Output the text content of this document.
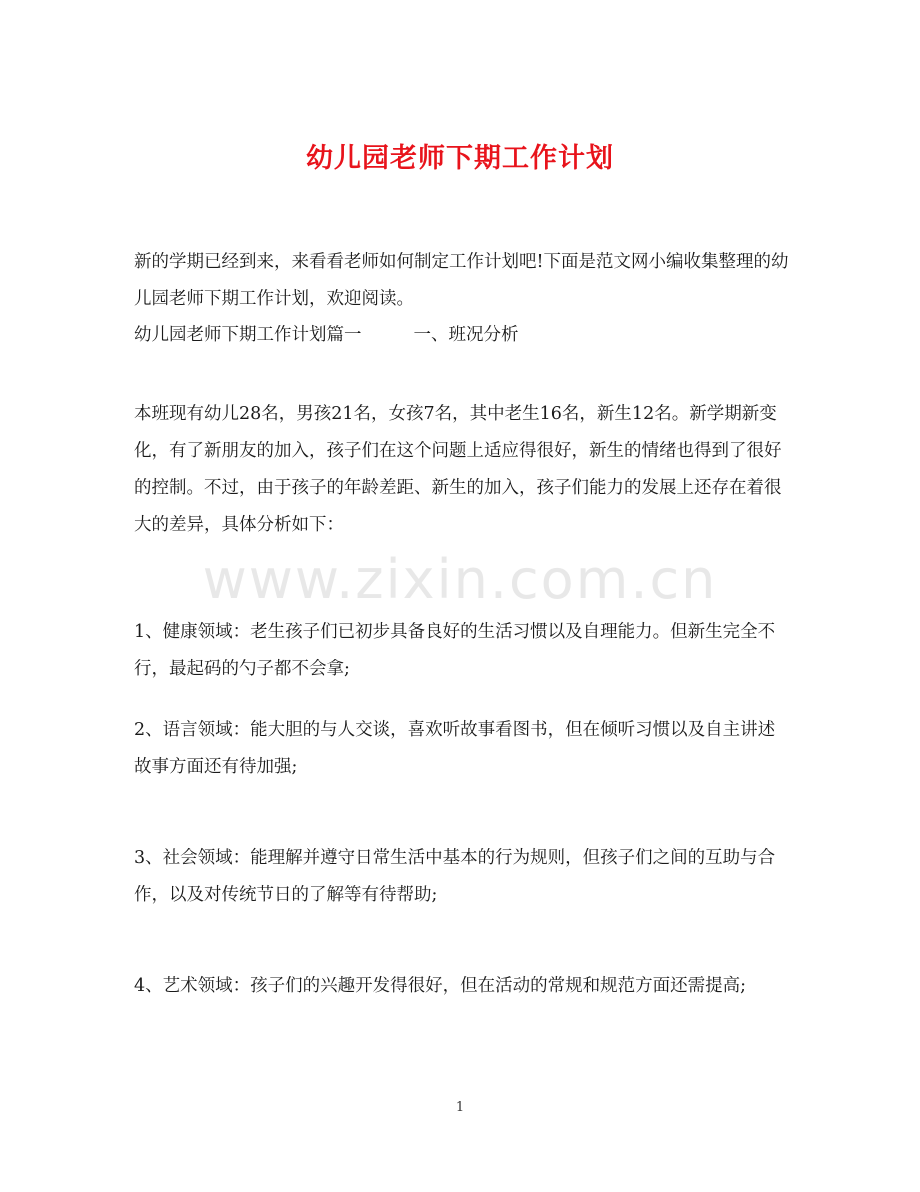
www.zixin.com.cn
幼儿园老师下期工作计划

新的学期已经到来，来看看老师如何制定工作计划吧!下面是范文网小编收集整理的幼儿园老师下期工作计划，欢迎阅读。

幼儿园老师下期工作计划篇一	一、班况分析

本班现有幼儿28名，男孩21名，女孩7名，其中老生16名，新生12名。新学期新变化，有了新朋友的加入，孩子们在这个问题上适应得很好，新生的情绪也得到了很好的控制。不过，由于孩子的年龄差距、新生的加入，孩子们能力的发展上还存在着很大的差异，具体分析如下：

1、健康领域：老生孩子们已初步具备良好的生活习惯以及自理能力。但新生完全不行，最起码的勺子都不会拿;

2、语言领域：能大胆的与人交谈，喜欢听故事看图书，但在倾听习惯以及自主讲述故事方面还有待加强;

3、社会领域：能理解并遵守日常生活中基本的行为规则，但孩子们之间的互助与合作，以及对传统节日的了解等有待帮助;

4、艺术领域：孩子们的兴趣开发得很好，但在活动的常规和规范方面还需提高;

1
